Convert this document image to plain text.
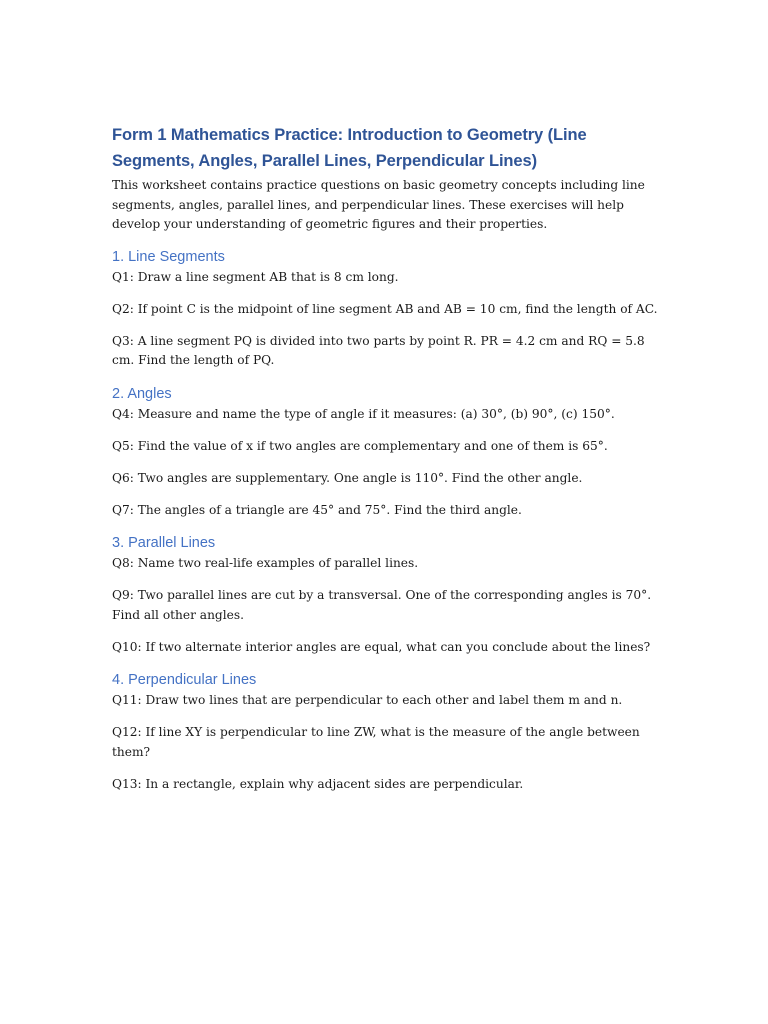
Form 1 Mathematics Practice: Introduction to Geometry (Line Segments, Angles, Parallel Lines, Perpendicular Lines)

This worksheet contains practice questions on basic geometry concepts including line segments, angles, parallel lines, and perpendicular lines. These exercises will help develop your understanding of geometric figures and their properties.

1. Line Segments

Q1: Draw a line segment AB that is 8 cm long.

Q2: If point C is the midpoint of line segment AB and AB = 10 cm, find the length of AC.

Q3: A line segment PQ is divided into two parts by point R. PR = 4.2 cm and RQ = 5.8 cm. Find the length of PQ.

2. Angles

Q4: Measure and name the type of angle if it measures: (a) 30°, (b) 90°, (c) 150°.

Q5: Find the value of x if two angles are complementary and one of them is 65°.

Q6: Two angles are supplementary. One angle is 110°. Find the other angle.

Q7: The angles of a triangle are 45° and 75°. Find the third angle.

3. Parallel Lines

Q8: Name two real-life examples of parallel lines.

Q9: Two parallel lines are cut by a transversal. One of the corresponding angles is 70°. Find all other angles.

Q10: If two alternate interior angles are equal, what can you conclude about the lines?

4. Perpendicular Lines

Q11: Draw two lines that are perpendicular to each other and label them m and n.

Q12: If line XY is perpendicular to line ZW, what is the measure of the angle between them?

Q13: In a rectangle, explain why adjacent sides are perpendicular.
